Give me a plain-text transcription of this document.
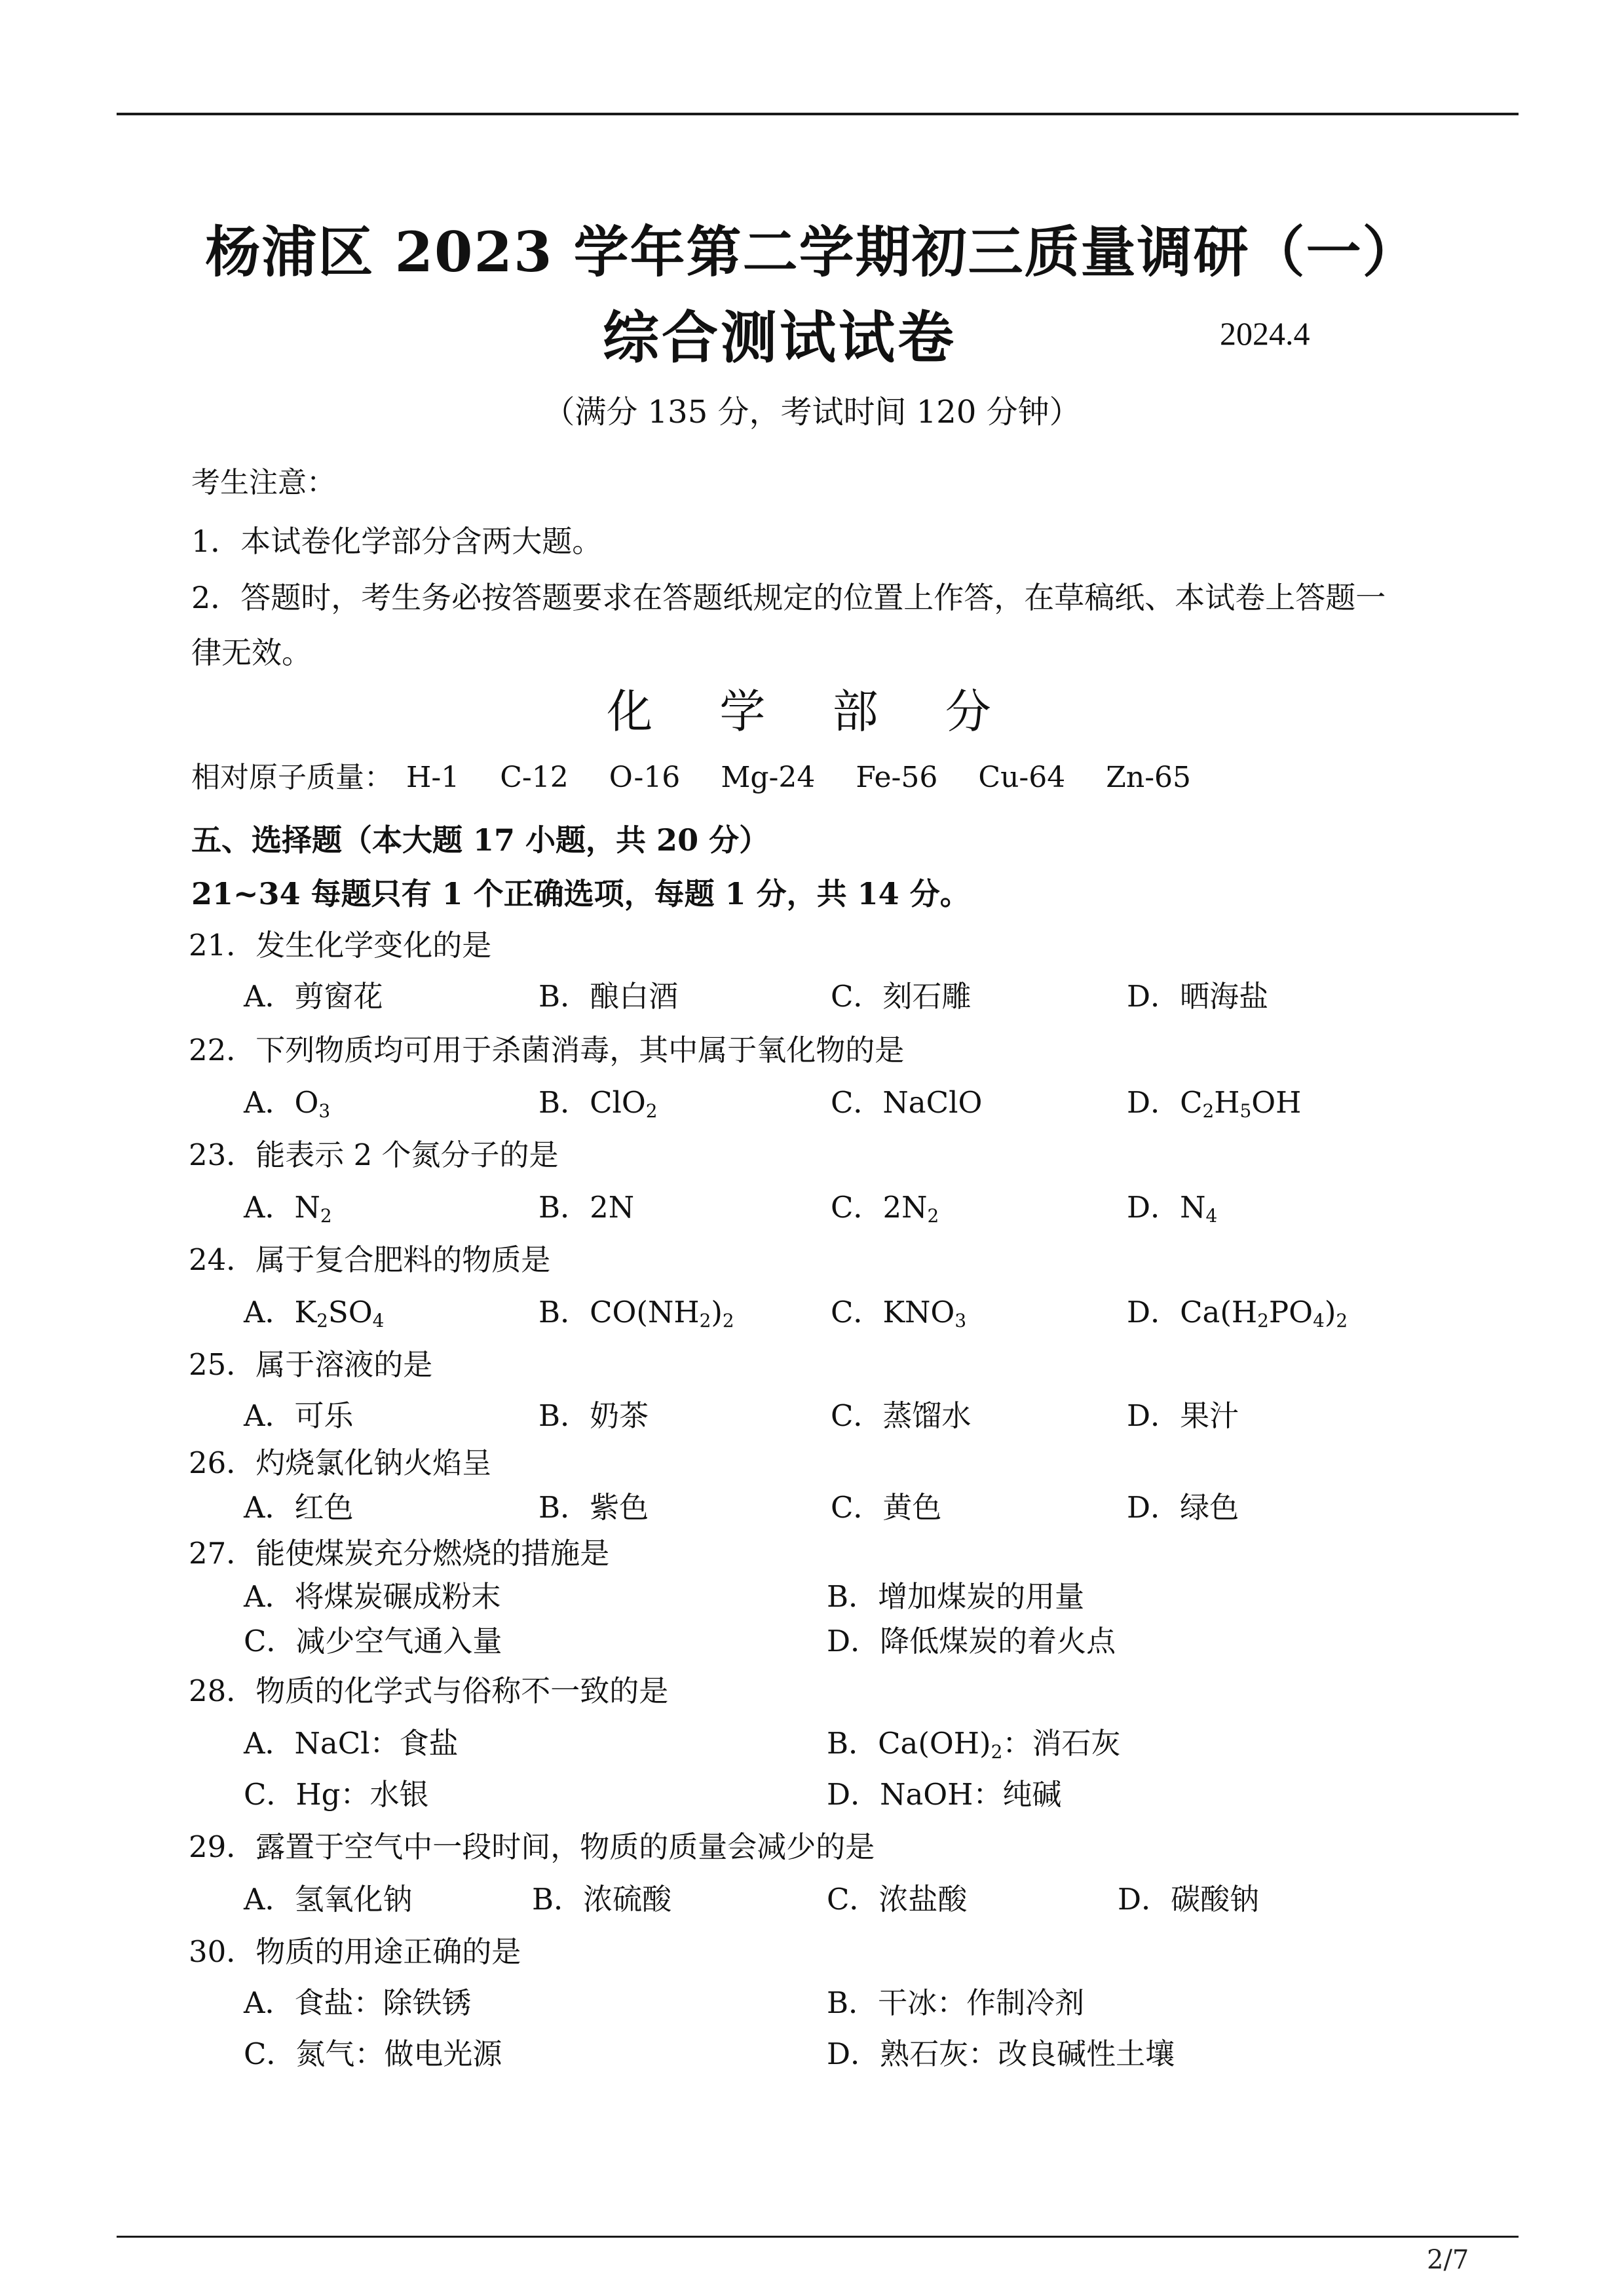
杨浦区 2023 学年第二学期初三质量调研（一）
综合测试试卷	2024.4
（满分 135 分，考试时间 120 分钟）
考生注意：
1．本试卷化学部分含两大题。
2．答题时，考生务必按答题要求在答题纸规定的位置上作答，在草稿纸、本试卷上答题一
律无效。
化 学 部 分
相对原子质量： H-1 C-12 O-16 Mg-24 Fe-56 Cu-64 Zn-65
五、选择题（本大题 17 小题，共 20 分）
21~34 每题只有 1 个正确选项，每题 1 分，共 14 分。
21．发生化学变化的是
A．剪窗花	B．酿白酒	C．刻石雕	D．晒海盐
22．下列物质均可用于杀菌消毒，其中属于氧化物的是
A．$O_3$	B．ClO$_2$	C．NaClO	D．$C_2H_5OH$
23．能表示 2 个氮分子的是
A．$N_2$	B．2N	C．$2N_2$	D．$N_4$
24．属于复合肥料的物质是
A．$K_2SO_4$	B．$CO(NH_2)_2$	C．$KNO_3$	D．$Ca(H_2PO_4)_2$
25．属于溶液的是
A．可乐	B．奶茶	C．蒸馏水	D．果汁
26．灼烧氯化钠火焰呈
A．红色	B．紫色	C．黄色	D．绿色
27．能使煤炭充分燃烧的措施是
A．将煤炭碾成粉末	B．增加煤炭的用量
C．减少空气通入量	D．降低煤炭的着火点
28．物质的化学式与俗称不一致的是
A．NaCl：食盐	B．$Ca(OH)_2$：消石灰
C．Hg：水银	D．NaOH：纯碱
29．露置于空气中一段时间，物质的质量会减少的是
A．氢氧化钠	B．浓硫酸	C．浓盐酸	D．碳酸钠
30．物质的用途正确的是
A．食盐：除铁锈	B．干冰：作制冷剂
C．氮气：做电光源	D．熟石灰：改良碱性土壤
2/7
